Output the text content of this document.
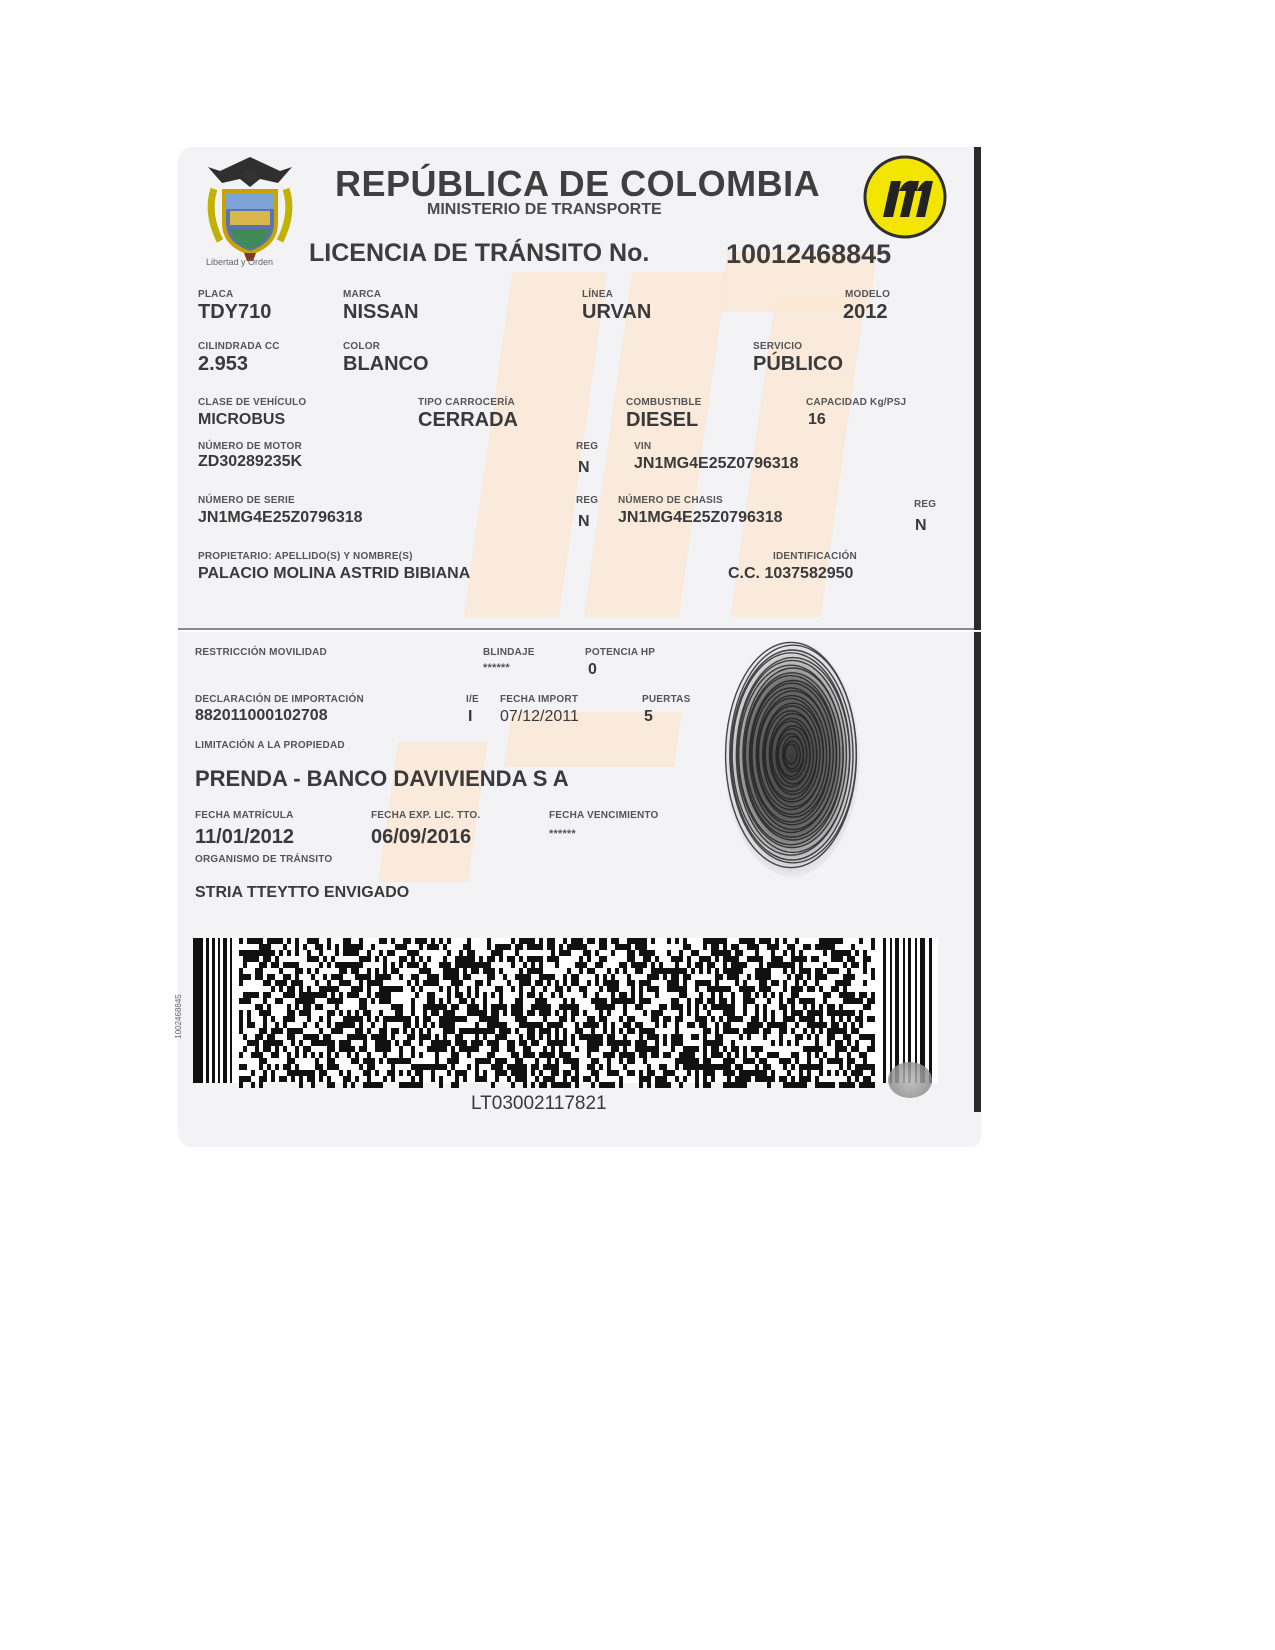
Libertad y Orden
REPÚBLICA DE COLOMBIA
MINISTERIO DE TRANSPORTE
LICENCIA DE TRÁNSITO No.	10012468845
PLACA
TDY710
MARCA
NISSAN
LÍNEA
URVAN
MODELO
2012
CILINDRADA CC
2.953
COLOR
BLANCO
SERVICIO
PÚBLICO
CLASE DE VEHÍCULO
MICROBUS
TIPO CARROCERÍA
CERRADA
COMBUSTIBLE
DIESEL
CAPACIDAD Kg/PSJ
16
NÚMERO DE MOTOR
ZD30289235K
REG
N
VIN
JN1MG4E25Z0796318
NÚMERO DE SERIE
JN1MG4E25Z0796318
REG
N
NÚMERO DE CHASIS
JN1MG4E25Z0796318
REG
N
PROPIETARIO: APELLIDO(S) Y NOMBRE(S)
PALACIO MOLINA ASTRID BIBIANA
IDENTIFICACIÓN
C.C. 1037582950
RESTRICCIÓN MOVILIDAD	BLINDAJE
******
POTENCIA HP
0
DECLARACIÓN DE IMPORTACIÓN
882011000102708
I/E
I
FECHA IMPORT
07/12/2011
PUERTAS
5
LIMITACIÓN A LA PROPIEDAD
PRENDA - BANCO DAVIVIENDA S A
FECHA MATRÍCULA
11/01/2012
FECHA EXP. LIC. TTO.
06/09/2016
FECHA VENCIMIENTO
******
ORGANISMO DE TRÁNSITO
STRIA TTEYTTO ENVIGADO
1002468845
LT03002117821
